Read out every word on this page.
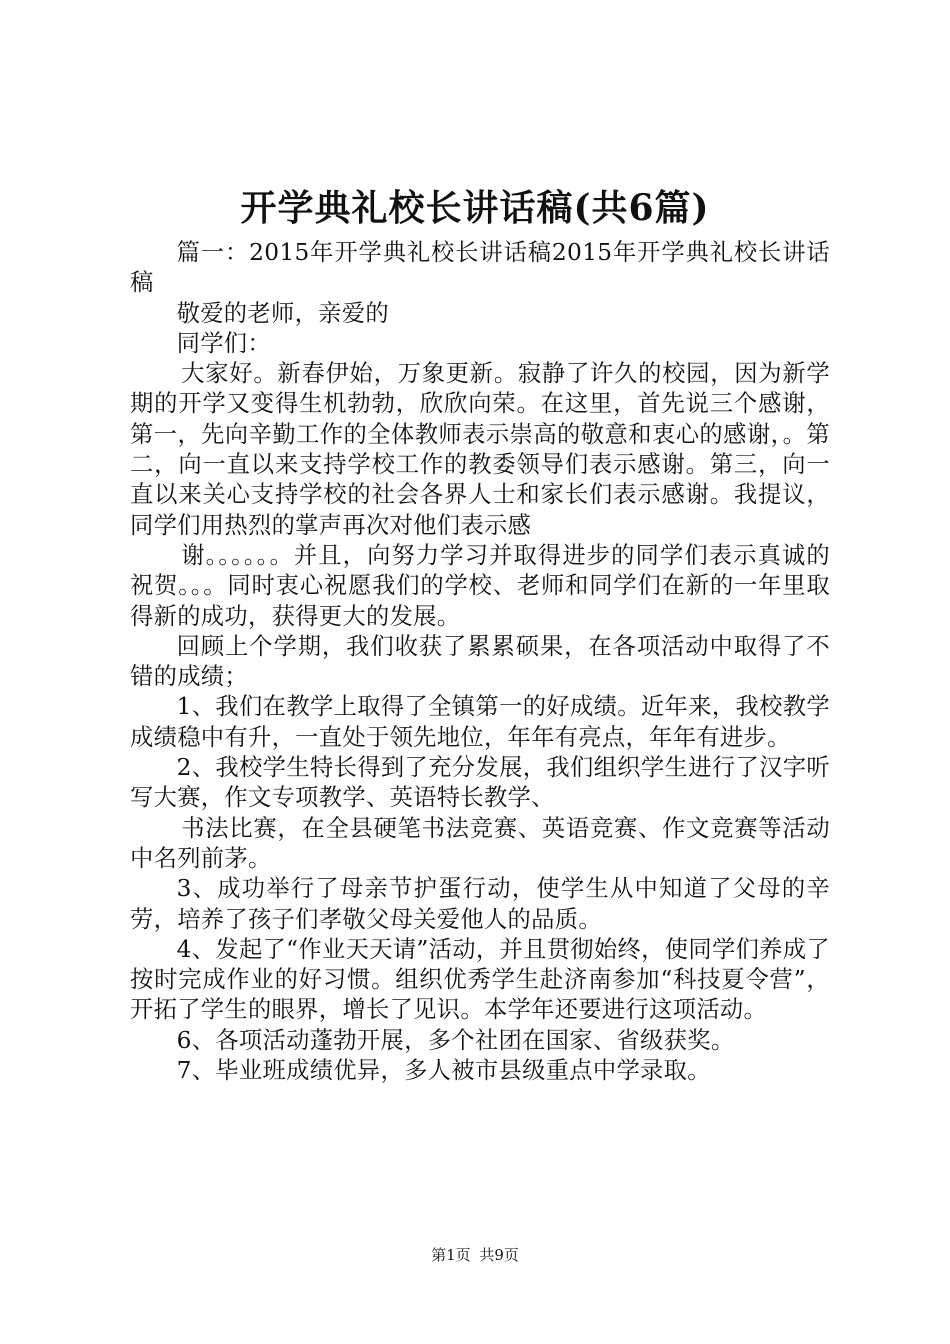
开学典礼校长讲话稿(共6篇)

篇一：2015年开学典礼校长讲话稿2015年开学典礼校长讲话稿

敬爱的老师，亲爱的

同学们：

大家好。新春伊始，万象更新。寂静了许久的校园，因为新学期的开学又变得生机勃勃，欣欣向荣。在这里，首先说三个感谢，第一，先向辛勤工作的全体教师表示崇高的敬意和衷心的感谢，。第二，向一直以来支持学校工作的教委领导们表示感谢。第三，向一直以来关心支持学校的社会各界人士和家长们表示感谢。我提议，同学们用热烈的掌声再次对他们表示感

谢。。。。。。并且，向努力学习并取得进步的同学们表示真诚的祝贺。。。同时衷心祝愿我们的学校、老师和同学们在新的一年里取得新的成功，获得更大的发展。

回顾上个学期，我们收获了累累硕果，在各项活动中取得了不错的成绩；

1、我们在教学上取得了全镇第一的好成绩。近年来，我校教学成绩稳中有升，一直处于领先地位，年年有亮点，年年有进步。

2、我校学生特长得到了充分发展，我们组织学生进行了汉字听写大赛，作文专项教学、英语特长教学、

书法比赛，在全县硬笔书法竞赛、英语竞赛、作文竞赛等活动中名列前茅。

3、成功举行了母亲节护蛋行动，使学生从中知道了父母的辛劳，培养了孩子们孝敬父母关爱他人的品质。

4、发起了“作业天天请”活动，并且贯彻始终，使同学们养成了按时完成作业的好习惯。组织优秀学生赴济南参加“科技夏令营”，开拓了学生的眼界，增长了见识。本学年还要进行这项活动。

6、各项活动蓬勃开展，多个社团在国家、省级获奖。

7、毕业班成绩优异，多人被市县级重点中学录取。

第1页 共9页
